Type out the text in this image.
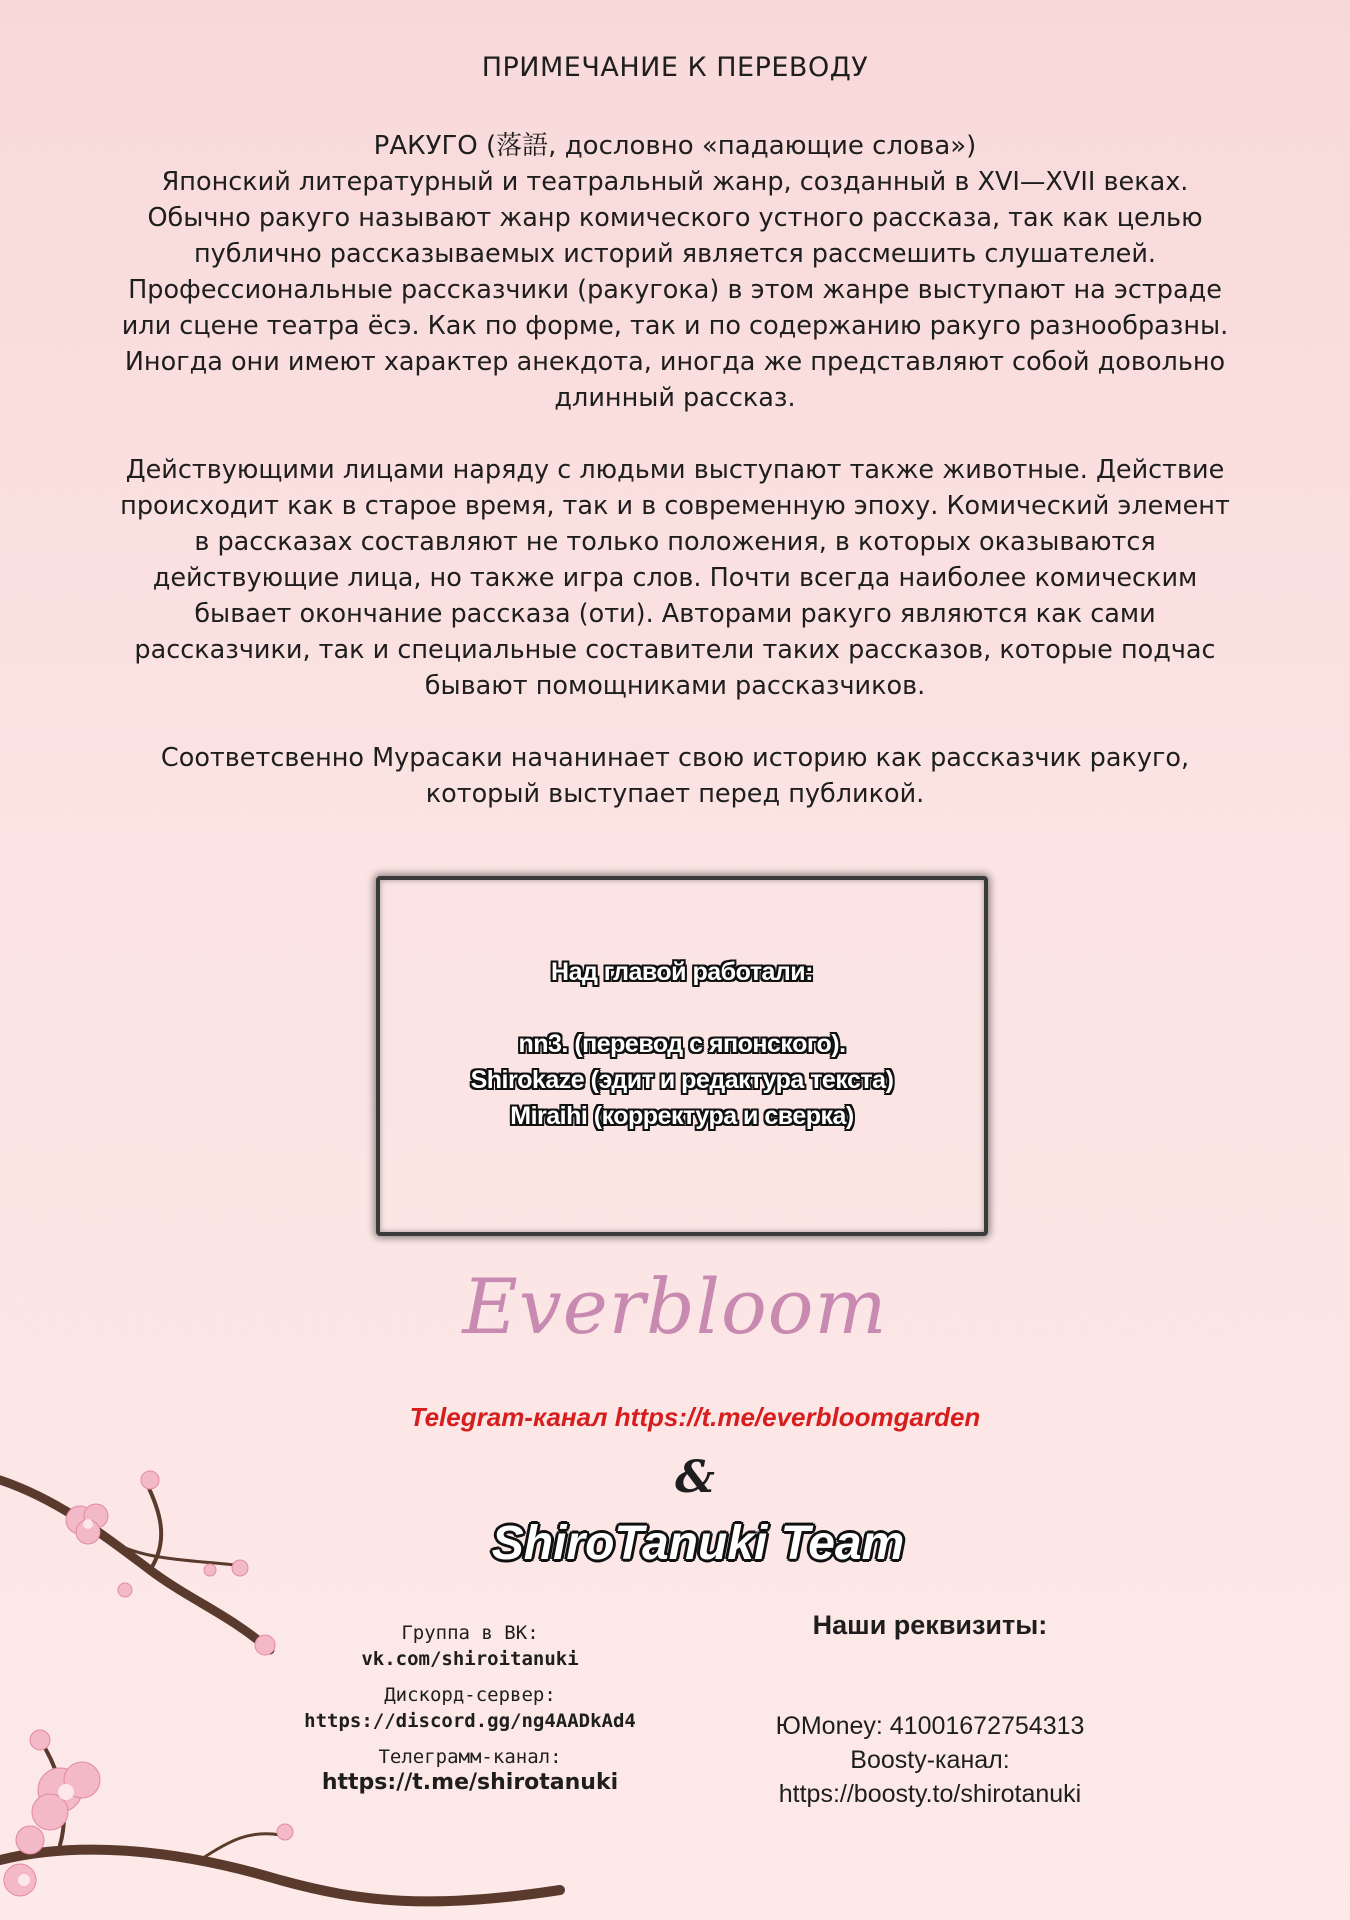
ПРИМЕЧАНИЕ К ПЕРЕВОДУ

РАКУГО (落語, дословно «падающие слова»)
Японский литературный и театральный жанр, созданный в XVI—XVII веках. Обычно ракуго называют жанр комического устного рассказа, так как целью публично рассказываемых историй является рассмешить слушателей. Профессиональные рассказчики (ракугока) в этом жанре выступают на эстраде или сцене театра ёсэ. Как по форме, так и по содержанию ракуго разнообразны. Иногда они имеют характер анекдота, иногда же представляют собой довольно длинный рассказ.

Действующими лицами наряду с людьми выступают также животные. Действие происходит как в старое время, так и в современную эпоху. Комический элемент в рассказах составляют не только положения, в которых оказываются действующие лица, но также игра слов. Почти всегда наиболее комическим бывает окончание рассказа (оти). Авторами ракуго являются как сами рассказчики, так и специальные составители таких рассказов, которые подчас бывают помощниками рассказчиков.

Соответсвенно Мурасаки начанинает свою историю как рассказчик ракуго, который выступает перед публикой.

Над главой работали:
nn3. (перевод с японского).
Shirokaze (эдит и редактура текста)
Miraihi (корректура и сверка)
Everbloom
Telegram-канал https://t.me/everbloomgarden
&
ShiroTanuki Team
Группа в ВК:
vk.com/shiroitanuki
Дискорд-сервер:
https://discord.gg/ng4AADkAd4
Телеграмм-канал:
https://t.me/shirotanuki
Наши реквизиты:
ЮMoney: 41001672754313
Boosty-канал:
https://boosty.to/shirotanuki
